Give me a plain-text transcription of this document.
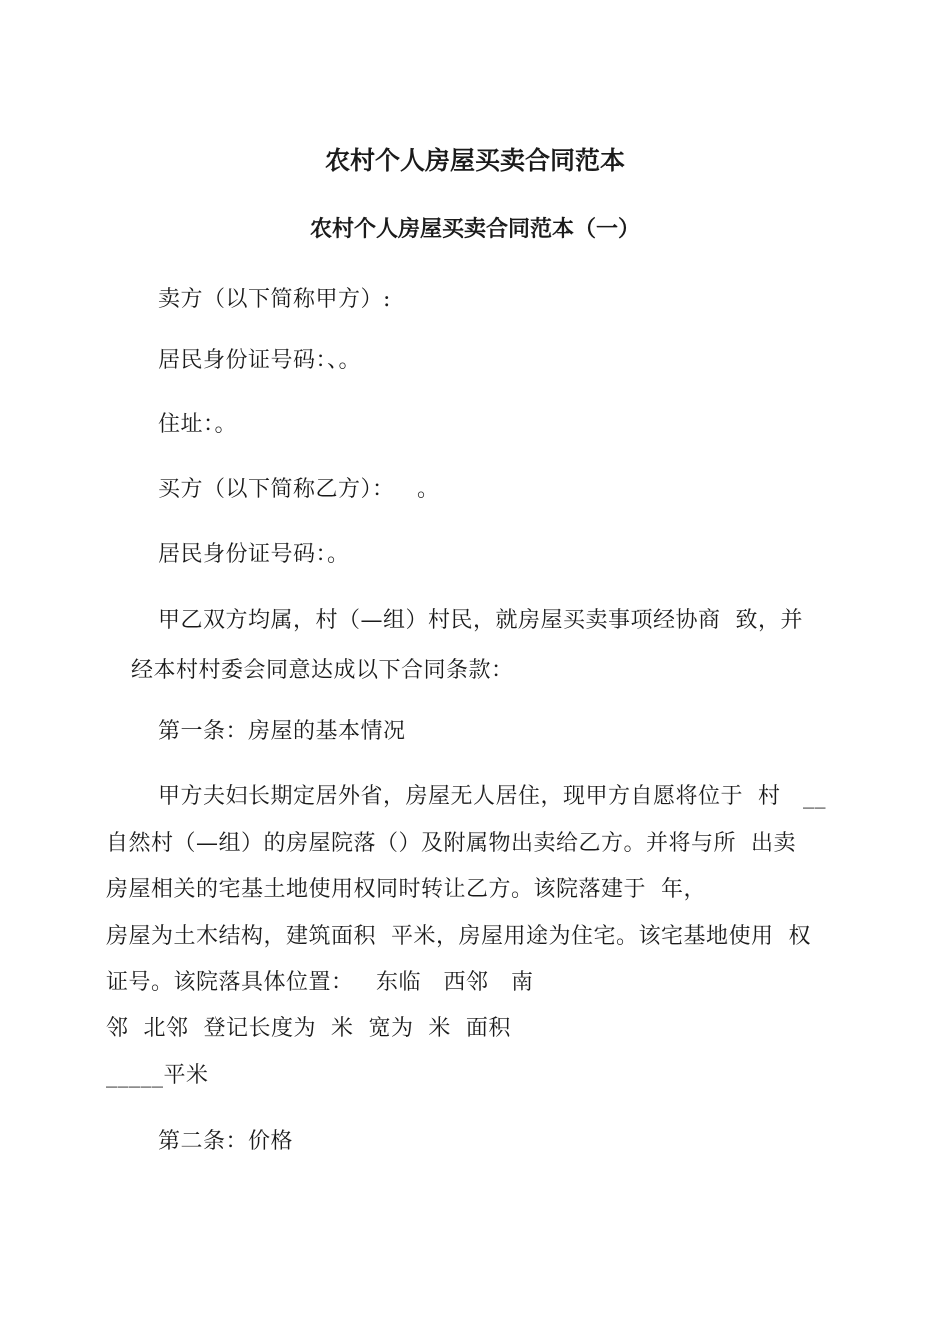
农村个人房屋买卖合同范本
农村个人房屋买卖合同范本（一）
卖方（以下简称甲方）:
居民身份证号码：、。
住址：。
买方（以下简称乙方）：   。
居民身份证号码：。
甲乙双方均属，村（—组）村民，就房屋买卖事项经协商  致，并
经本村村委会同意达成以下合同条款：
第一条：房屋的基本情况
甲方夫妇长期定居外省，房屋无人居住，现甲方自愿将位于  村   __
自然村（—组）的房屋院落（）及附属物出卖给乙方。并将与所  出卖
房屋相关的宅基土地使用权同时转让乙方。该院落建于  年，
房屋为土木结构，建筑面积  平米，房屋用途为住宅。该宅基地使用  权
证号。该院落具体位置：   东临   西邻   南
邻  北邻  登记长度为  米  宽为  米  面积
_____平米
第二条：价格
